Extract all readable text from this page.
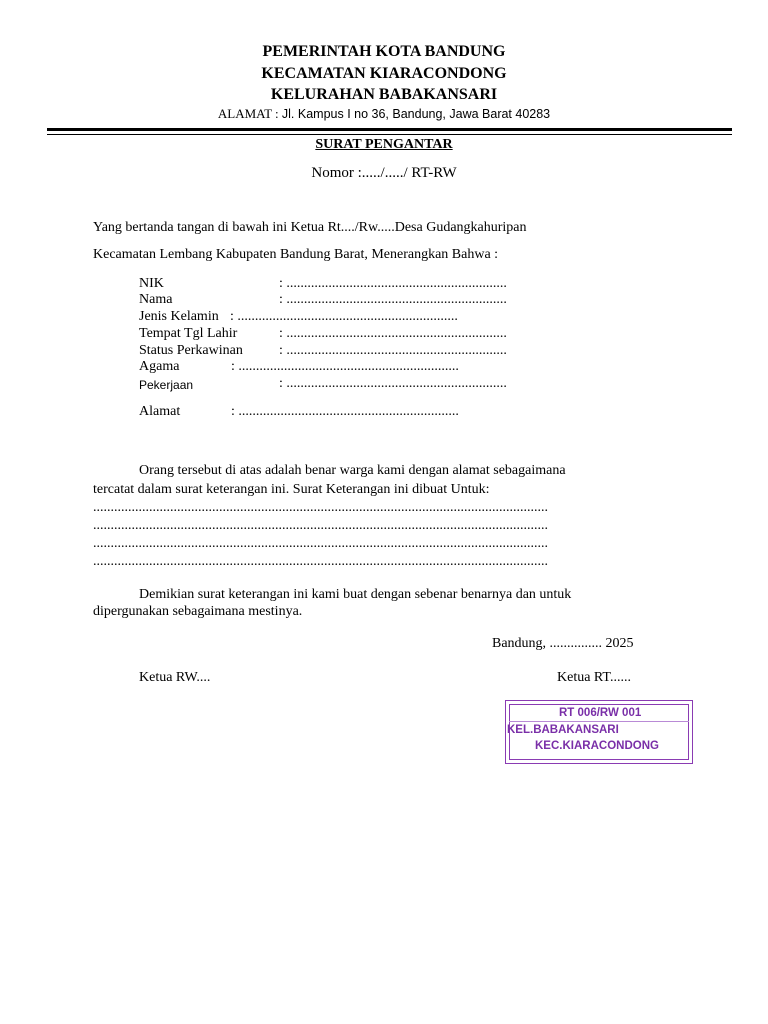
PEMERINTAH KOTA BANDUNG
KECAMATAN KIARACONDONG
KELURAHAN BABAKANSARI
ALAMAT : Jl. Kampus I no 36, Bandung, Jawa Barat 40283
SURAT PENGANTAR
Nomor :...../...../ RT-RW
Yang bertanda tangan di bawah ini Ketua Rt..../Rw.....Desa Gudangkahuripan
Kecamatan Lembang Kabupaten Bandung Barat, Menerangkan Bahwa :
NIK	: ...............................................................
Nama	: ...............................................................
Jenis Kelamin : ...............................................................
Tempat Tgl Lahir	: ...............................................................
Status Perkawinan	: ...............................................................
Agama	: ...............................................................
Pekerjaan	: ...............................................................
Alamat	: ...............................................................
Orang tersebut di atas adalah benar warga kami dengan alamat sebagaimana
tercatat dalam surat keterangan ini. Surat Keterangan ini dibuat Untuk:
..................................................................................................................................
..................................................................................................................................
..................................................................................................................................
..................................................................................................................................
Demikian surat keterangan ini kami buat dengan sebenar benarnya dan untuk
dipergunakan sebagaimana mestinya.
Bandung, ............... 2025
Ketua RW....	Ketua RT......
RT 006/RW 001
KEL.BABAKANSARI
KEC.KIARACONDONG
